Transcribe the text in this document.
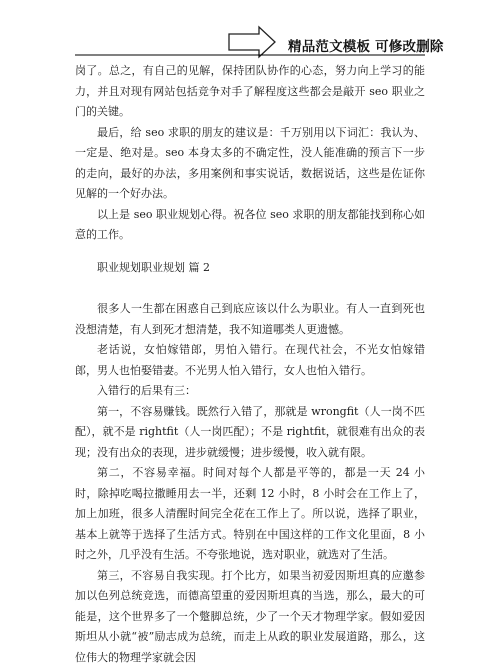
精品范文模板 可修改删除

岗了。总之，有自己的见解，保持团队协作的心态，努力向上学习的能力，并且对现有网站包括竞争对手了解程度这些都会是敲开 seo 职业之门的关键。

最后，给 seo 求职的朋友的建议是：千万别用以下词汇：我认为、一定是、绝对是。seo 本身太多的不确定性，没人能准确的预言下一步的走向，最好的办法，多用案例和事实说话，数据说话，这些是佐证你见解的一个好办法。

以上是 seo 职业规划心得。祝各位 seo 求职的朋友都能找到称心如意的工作。

职业规划职业规划 篇 2

很多人一生都在困惑自己到底应该以什么为职业。有人一直到死也没想清楚，有人到死才想清楚，我不知道哪类人更遗憾。

老话说，女怕嫁错郎，男怕入错行。在现代社会，不光女怕嫁错郎，男人也怕娶错妻。不光男人怕入错行，女人也怕入错行。

入错行的后果有三：

第一，不容易赚钱。既然行入错了，那就是 wrongfit（人一岗不匹配），就不是 rightfit（人一岗匹配）；不是 rightfit，就很难有出众的表现；没有出众的表现，进步就缓慢；进步缓慢，收入就有限。

第二，不容易幸福。时间对每个人都是平等的，都是一天 24 小时，除掉吃喝拉撒睡用去一半，还剩 12 小时，8 小时会在工作上了，加上加班，很多人清醒时间完全花在工作上了。所以说，选择了职业，基本上就等于选择了生活方式。特别在中国这样的工作文化里面，8 小时之外，几乎没有生活。不夸张地说，选对职业，就选对了生活。

第三，不容易自我实现。打个比方，如果当初爱因斯坦真的应邀参加以色列总统竞选，而德高望重的爱因斯坦真的当选，那么，最大的可能是，这个世界多了一个蹩脚总统，少了一个天才物理学家。假如爱因斯坦从小就“被”励志成为总统，而走上从政的职业发展道路，那么，这位伟大的物理学家就会因
